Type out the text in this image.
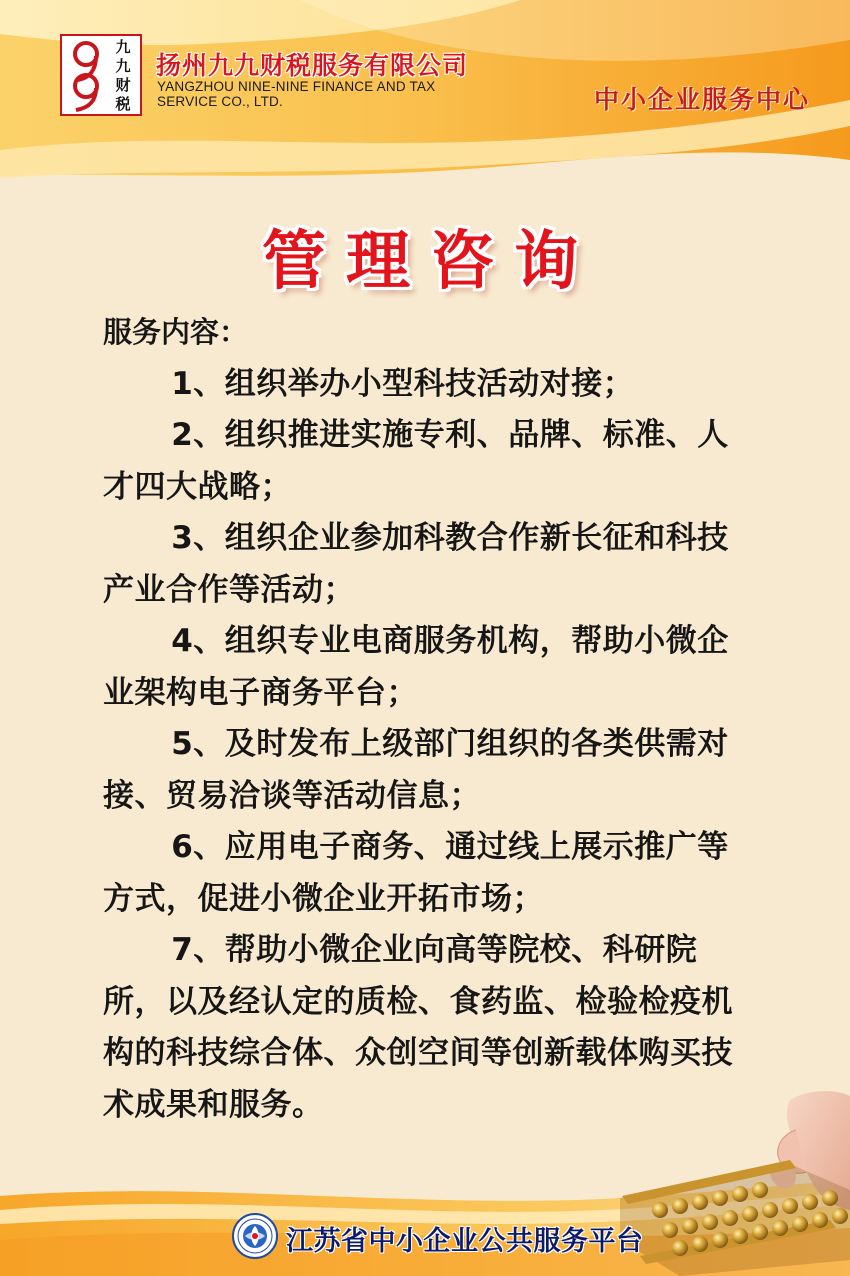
九
九
财
税
扬州九九财税服务有限公司
YANGZHOU NINE-NINE FINANCE AND TAX
SERVICE CO., LTD.	中小企业服务中心
管理咨询
服务内容：
1、组织举办小型科技活动对接；
2、组织推进实施专利、品牌、标准、人才四大战略；
3、组织企业参加科教合作新长征和科技产业合作等活动；
4、组织专业电商服务机构，帮助小微企业架构电子商务平台；
5、及时发布上级部门组织的各类供需对接、贸易洽谈等活动信息；
6、应用电子商务、通过线上展示推广等方式，促进小微企业开拓市场；
7、帮助小微企业向高等院校、科研院所，以及经认定的质检、食药监、检验检疫机构的科技综合体、众创空间等创新载体购买技术成果和服务。
江苏省中小企业公共服务平台
